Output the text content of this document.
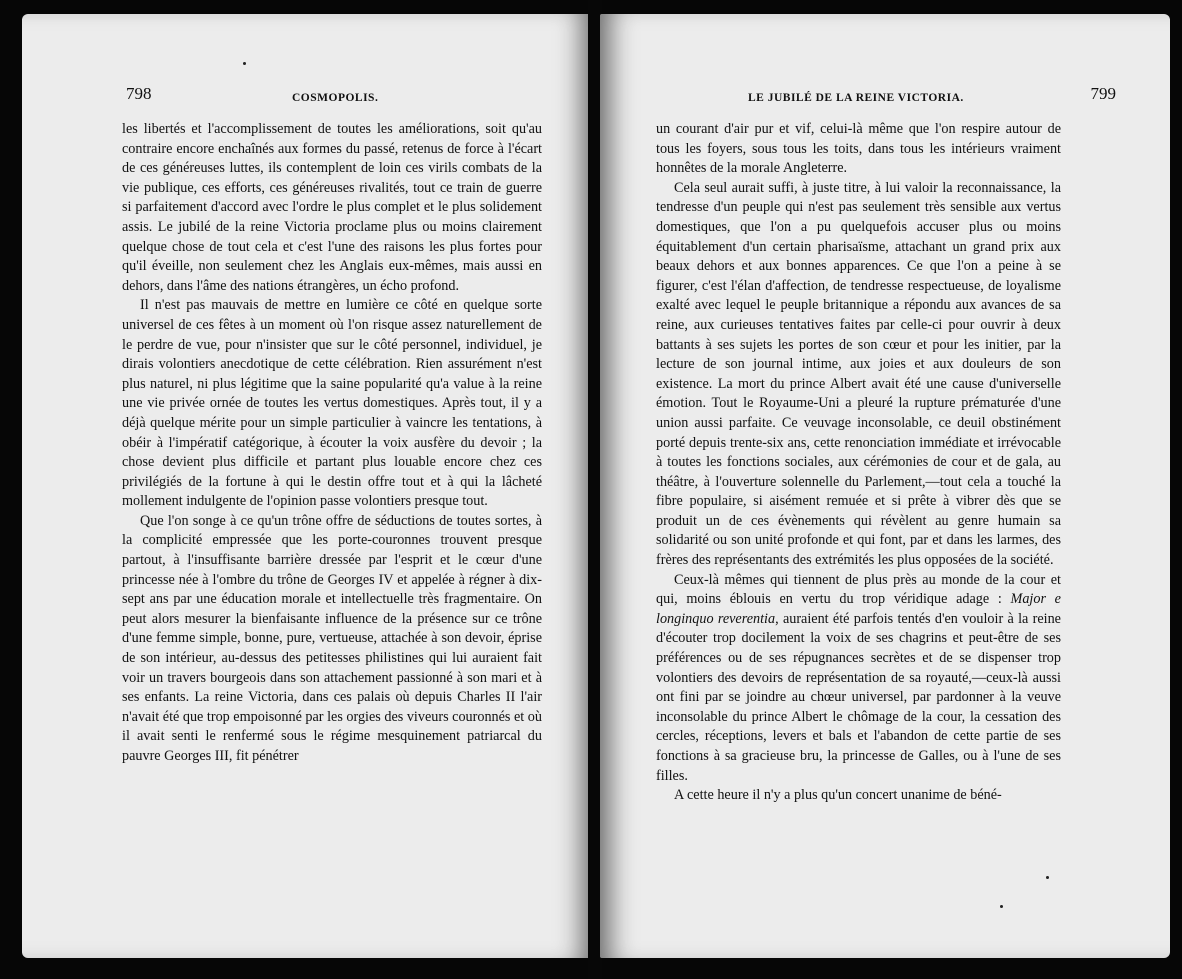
798	COSMOPOLIS.

les libertés et l'accomplissement de toutes les améliorations, soit qu'au contraire encore enchaînés aux formes du passé, retenus de force à l'écart de ces généreuses luttes, ils contemplent de loin ces virils combats de la vie publique, ces efforts, ces généreuses rivalités, tout ce train de guerre si parfaitement d'accord avec l'ordre le plus complet et le plus solidement assis. Le jubilé de la reine Victoria proclame plus ou moins clairement quelque chose de tout cela et c'est l'une des raisons les plus fortes pour qu'il éveille, non seulement chez les Anglais eux-mêmes, mais aussi en dehors, dans l'âme des nations étrangères, un écho profond.

Il n'est pas mauvais de mettre en lumière ce côté en quelque sorte universel de ces fêtes à un moment où l'on risque assez naturellement de le perdre de vue, pour n'insister que sur le côté personnel, individuel, je dirais volontiers anecdotique de cette célébration. Rien assurément n'est plus naturel, ni plus légitime que la saine popularité qu'a value à la reine une vie privée ornée de toutes les vertus domestiques. Après tout, il y a déjà quelque mérite pour un simple particulier à vaincre les tentations, à obéir à l'impératif catégorique, à écouter la voix ausfère du devoir ; la chose devient plus difficile et partant plus louable encore chez ces privilégiés de la fortune à qui le destin offre tout et à qui la lâcheté mollement indulgente de l'opinion passe volontiers presque tout.

Que l'on songe à ce qu'un trône offre de séductions de toutes sortes, à la complicité empressée que les porte-couronnes trouvent presque partout, à l'insuffisante barrière dressée par l'esprit et le cœur d'une princesse née à l'ombre du trône de Georges IV et appelée à régner à dix-sept ans par une éducation morale et intellectuelle très fragmentaire. On peut alors mesurer la bienfaisante influence de la présence sur ce trône d'une femme simple, bonne, pure, vertueuse, attachée à son devoir, éprise de son intérieur, au-dessus des petitesses philistines qui lui auraient fait voir un travers bourgeois dans son attachement passionné à son mari et à ses enfants. La reine Victoria, dans ces palais où depuis Charles II l'air n'avait été que trop empoisonné par les orgies des viveurs couronnés et où il avait senti le renfermé sous le régime mesquinement patriarcal du pauvre Georges III, fit pénétrer

LE JUBILÉ DE LA REINE VICTORIA.	799

un courant d'air pur et vif, celui-là même que l'on respire autour de tous les foyers, sous tous les toits, dans tous les intérieurs vraiment honnêtes de la morale Angleterre.

Cela seul aurait suffi, à juste titre, à lui valoir la reconnaissance, la tendresse d'un peuple qui n'est pas seulement très sensible aux vertus domestiques, que l'on a pu quelquefois accuser plus ou moins équitablement d'un certain pharisaïsme, attachant un grand prix aux beaux dehors et aux bonnes apparences. Ce que l'on a peine à se figurer, c'est l'élan d'affection, de tendresse respectueuse, de loyalisme exalté avec lequel le peuple britannique a répondu aux avances de sa reine, aux curieuses tentatives faites par celle-ci pour ouvrir à deux battants à ses sujets les portes de son cœur et pour les initier, par la lecture de son journal intime, aux joies et aux douleurs de son existence. La mort du prince Albert avait été une cause d'universelle émotion. Tout le Royaume-Uni a pleuré la rupture prématurée d'une union aussi parfaite. Ce veuvage inconsolable, ce deuil obstinément porté depuis trente-six ans, cette renonciation immédiate et irrévocable à toutes les fonctions sociales, aux cérémonies de cour et de gala, au théâtre, à l'ouverture solennelle du Parlement,—tout cela a touché la fibre populaire, si aisément remuée et si prête à vibrer dès que se produit un de ces évènements qui révèlent au genre humain sa solidarité ou son unité profonde et qui font, par et dans les larmes, des frères des représentants des extrémités les plus opposées de la société.

Ceux-là mêmes qui tiennent de plus près au monde de la cour et qui, moins éblouis en vertu du trop véridique adage : Major e longinquo reverentia, auraient été parfois tentés d'en vouloir à la reine d'écouter trop docilement la voix de ses chagrins et peut-être de ses préférences ou de ses répugnances secrètes et de se dispenser trop volontiers des devoirs de représentation de sa royauté,—ceux-là aussi ont fini par se joindre au chœur universel, par pardonner à la veuve inconsolable du prince Albert le chômage de la cour, la cessation des cercles, réceptions, levers et bals et l'abandon de cette partie de ses fonctions à sa gracieuse bru, la princesse de Galles, ou à l'une de ses filles.

A cette heure il n'y a plus qu'un concert unanime de béné-
